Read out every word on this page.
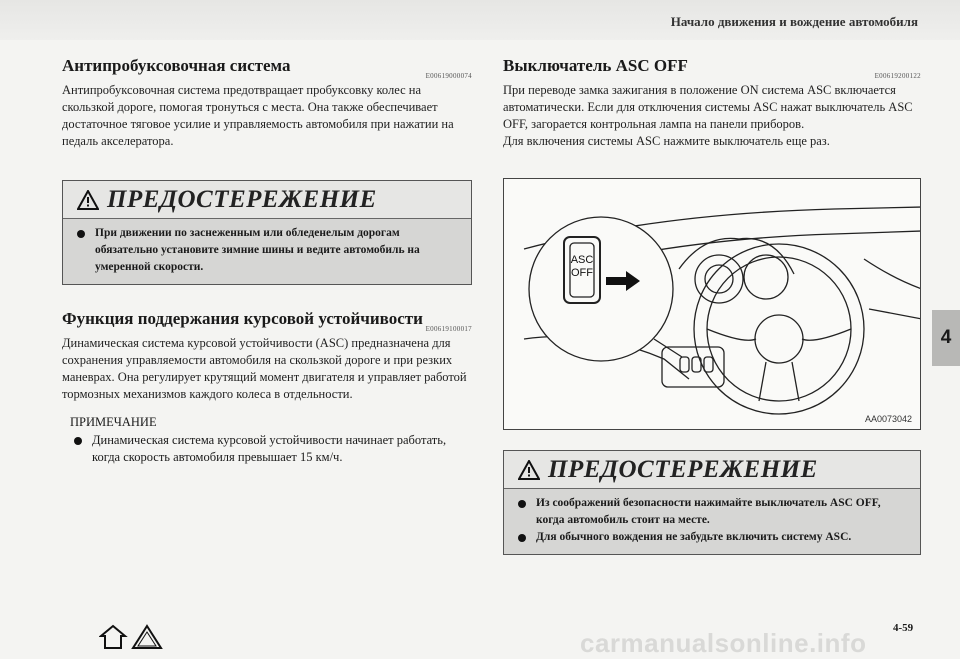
Начало движения и вождение автомобиля
Антипробуксовочная система
E00619000074
Антипробуксовочная система предотвращает пробуксовку колес на скользкой дороге, помогая тронуться с места. Она также обеспечивает достаточное тяговое усилие и управляемость автомобиля при нажатии на педаль акселератора.
ПРЕДОСТЕРЕЖЕНИЕ
При движении по заснеженным или обледенелым дорогам обязательно установите зимние шины и ведите автомобиль на умеренной скорости.
Функция поддержания курсовой устойчивости
E00619100017
Динамическая система курсовой устойчивости (ASC) предназначена для сохранения управляемости автомобиля на скользкой дороге и при резких маневрах. Она регулирует крутящий момент двигателя и управляет работой тормозных механизмов каждого колеса в отдельности.
ПРИМЕЧАНИЕ
Динамическая система курсовой устойчивости начинает работать, когда скорость автомобиля превышает 15 км/ч.
Выключатель ASC OFF
E00619200122
При переводе замка зажигания в положение ON система ASC включается автоматически. Если для отключения системы ASC нажат выключатель ASC OFF, загорается контрольная лампа на панели приборов.
Для включения системы ASC нажмите выключатель еще раз.
ASC
OFF
AA0073042
ПРЕДОСТЕРЕЖЕНИЕ
Из соображений безопасности нажимайте выключатель ASC OFF, когда автомобиль стоит на месте.
Для обычного вождения не забудьте включить систему ASC.
4
4-59
carmanualsonline.info
